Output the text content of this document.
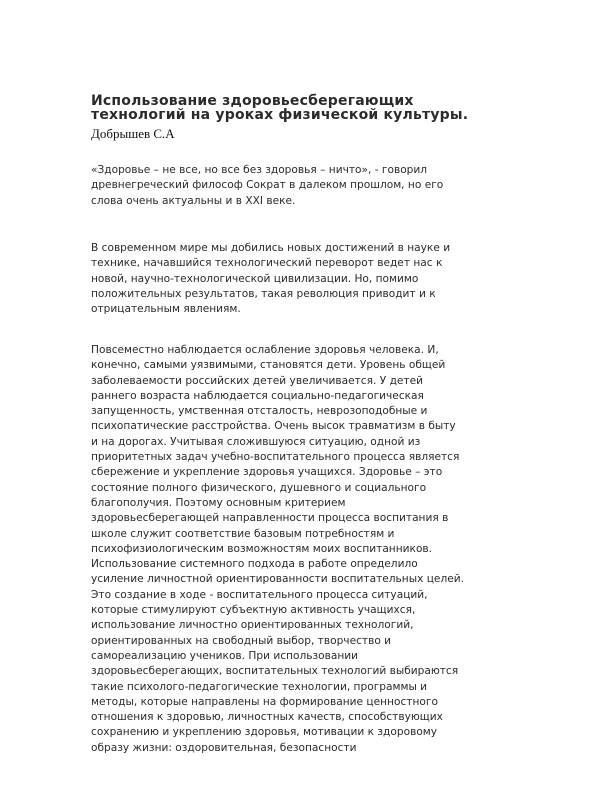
Использование здоровьесберегающих
технологий на уроках физической культуры.

Добрышев С.А

«Здоровье – не все, но все без здоровья – ничто», - говорил
древнегреческий философ Сократ в далеком прошлом, но его
слова очень актуальны и в XXI веке.

В современном мире мы добились новых достижений в науке и
технике, начавшийся технологический переворот ведет нас к
новой, научно-технологической цивилизации. Но, помимо
положительных результатов, такая революция приводит и к
отрицательным явлениям.

Повсеместно наблюдается ослабление здоровья человека. И,
конечно, самыми уязвимыми, становятся дети. Уровень общей
заболеваемости российских детей увеличивается. У детей
раннего возраста наблюдается социально-педагогическая
запущенность, умственная отсталость, неврозоподобные и
психопатические расстройства. Очень высок травматизм в быту
и на дорогах. Учитывая сложившуюся ситуацию, одной из
приоритетных задач учебно-воспитательного процесса является
сбережение и укрепление здоровья учащихся. Здоровье – это
состояние полного физического, душевного и социального
благополучия. Поэтому основным критерием
здоровьесберегающей направленности процесса воспитания в
школе служит соответствие базовым потребностям и
психофизиологическим возможностям моих воспитанников.
Использование системного подхода в работе определило
усиление личностной ориентированности воспитательных целей.
Это создание в ходе - воспитательного процесса ситуаций,
которые стимулируют субъектную активность учащихся,
использование личностно ориентированных технологий,
ориентированных на свободный выбор, творчество и
самореализацию учеников. При использовании
здоровьесберегающих, воспитательных технологий выбираются
такие психолого-педагогические технологии, программы и
методы, которые направлены на формирование ценностного
отношения к здоровью, личностных качеств, способствующих
сохранению и укреплению здоровья, мотивации к здоровому
образу жизни: оздоровительная, безопасности
